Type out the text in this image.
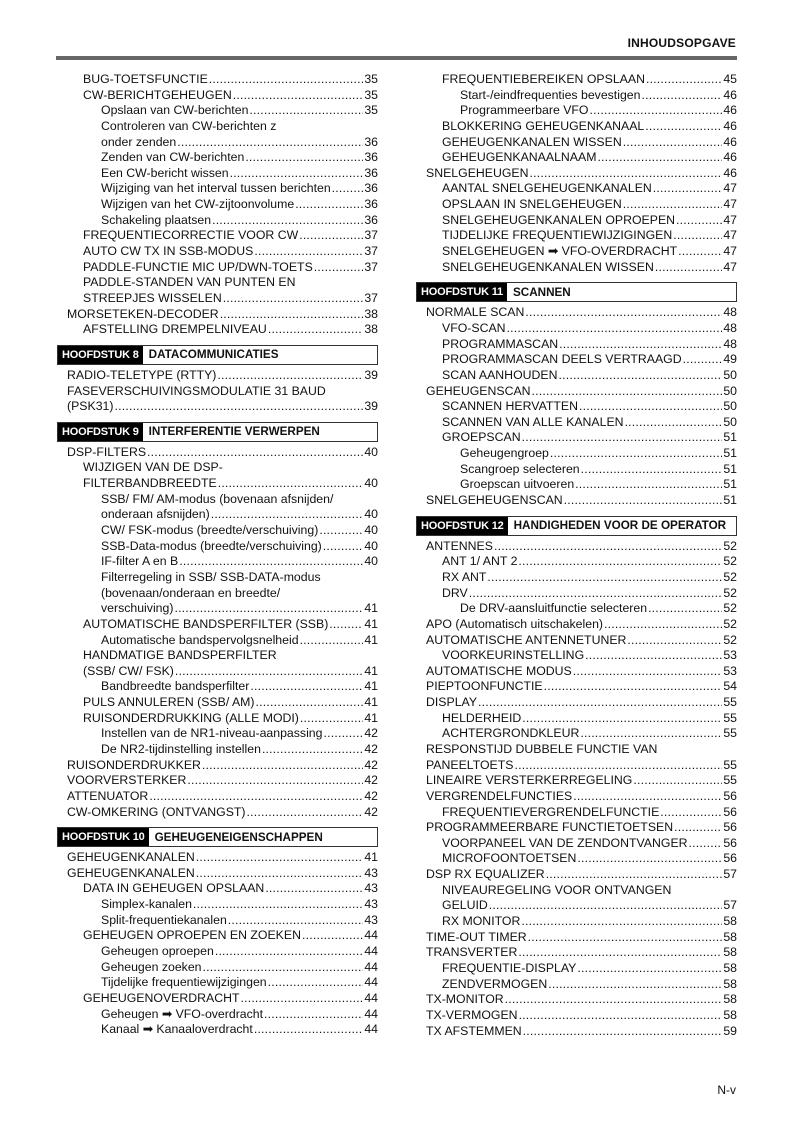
INHOUDSOPGAVE
BUG-TOETSFUNCTIE .....	35
CW-BERICHTGEHEUGEN .....	35
Opslaan van CW-berichten .....	35
Controleren van CW-berichten z
onder zenden .....	36
Zenden van CW-berichten .....	36
Een CW-bericht wissen .....	36
Wijziging van het interval tussen berichten .....	36
Wijzigen van het CW-zijtoonvolume .....	36
Schakeling plaatsen .....	36
FREQUENTIECORRECTIE VOOR CW .....	37
AUTO CW TX IN SSB-MODUS .....	37
PADDLE-FUNCTIE MIC UP/DWN-TOETS .....	37
PADDLE-STANDEN VAN PUNTEN EN
STREEPJES WISSELEN .....	37
MORSETEKEN-DECODER .....	38
AFSTELLING DREMPELNIVEAU .....	38
HOOFDSTUK 8 DATACOMMUNICATIES
RADIO-TELETYPE (RTTY) .....	39
FASEVERSCHUIVINGSMODULATIE 31 BAUD
(PSK31) .....	39
HOOFDSTUK 9 INTERFERENTIE VERWERPEN
DSP-FILTERS .....	40
WIJZIGEN VAN DE DSP-
FILTERBANDBREEDTE .....	40
SSB/ FM/ AM-modus (bovenaan afsnijden/
onderaan afsnijden) .....	40
CW/ FSK-modus (breedte/verschuiving) .....	40
SSB-Data-modus (breedte/verschuiving) .....	40
IF-filter A en B .....	40
Filterregeling in SSB/ SSB-DATA-modus
(bovenaan/onderaan en breedte/
verschuiving) .....	41
AUTOMATISCHE BANDSPERFILTER (SSB) .....	41
Automatische bandspervolgsnelheid .....	41
HANDMATIGE BANDSPERFILTER
(SSB/ CW/ FSK) .....	41
Bandbreedte bandsperfilter .....	41
PULS ANNULEREN (SSB/ AM) .....	41
RUISONDERDRUKKING (ALLE MODI) .....	41
Instellen van de NR1-niveau-aanpassing .....	42
De NR2-tijdinstelling instellen .....	42
RUISONDERDRUKKER .....	42
VOORVERSTERKER .....	42
ATTENUATOR .....	42
CW-OMKERING (ONTVANGST) .....	42
HOOFDSTUK 10 GEHEUGENEIGENSCHAPPEN
GEHEUGENKANALEN .....	41
GEHEUGENKANALEN .....	43
DATA IN GEHEUGEN OPSLAAN .....	43
Simplex-kanalen .....	43
Split-frequentiekanalen .....	43
GEHEUGEN OPROEPEN EN ZOEKEN .....	44
Geheugen oproepen .....	44
Geheugen zoeken .....	44
Tijdelijke frequentiewijzigingen .....	44
GEHEUGENOVERDRACHT .....	44
Geheugen ➡ VFO-overdracht .....	44
Kanaal ➡ Kanaaloverdracht .....	44
FREQUENTIEBEREIKEN OPSLAAN .....	45
Start-/eindfrequenties bevestigen .....	46
Programmeerbare VFO .....	46
BLOKKERING GEHEUGENKANAAL .....	46
GEHEUGENKANALEN WISSEN .....	46
GEHEUGENKANAALNAAM .....	46
SNELGEHEUGEN .....	46
AANTAL SNELGEHEUGENKANALEN .....	47
OPSLAAN IN SNELGEHEUGEN .....	47
SNELGEHEUGENKANALEN OPROEPEN .....	47
TIJDELIJKE FREQUENTIEWIJZIGINGEN .....	47
SNELGEHEUGEN ➡ VFO-OVERDRACHT .....	47
SNELGEHEUGENKANALEN WISSEN .....	47
HOOFDSTUK 11 SCANNEN
NORMALE SCAN .....	48
VFO-SCAN .....	48
PROGRAMMASCAN .....	48
PROGRAMMASCAN DEELS VERTRAAGD .....	49
SCAN AANHOUDEN .....	50
GEHEUGENSCAN .....	50
SCANNEN HERVATTEN .....	50
SCANNEN VAN ALLE KANALEN .....	50
GROEPSCAN .....	51
Geheugengroep .....	51
Scangroep selecteren .....	51
Groepscan uitvoeren .....	51
SNELGEHEUGENSCAN .....	51
HOOFDSTUK 12 HANDIGHEDEN VOOR DE OPERATOR
ANTENNES .....	52
ANT 1/ ANT 2 .....	52
RX ANT .....	52
DRV .....	52
De DRV-aansluitfunctie selecteren .....	52
APO (Automatisch uitschakelen) .....	52
AUTOMATISCHE ANTENNETUNER .....	52
VOORKEURINSTELLING .....	53
AUTOMATISCHE MODUS .....	53
PIEPTOONFUNCTIE .....	54
DISPLAY .....	55
HELDERHEID .....	55
ACHTERGRONDKLEUR .....	55
RESPONSTIJD DUBBELE FUNCTIE VAN
PANEELTOETS .....	55
LINEAIRE VERSTERKERREGELING .....	55
VERGRENDELFUNCTIES .....	56
FREQUENTIEVERGRENDELFUNCTIE .....	56
PROGRAMMEERBARE FUNCTIETOETSEN .....	56
VOORPANEEL VAN DE ZENDONTVANGER .....	56
MICROFOONTOETSEN .....	56
DSP RX EQUALIZER .....	57
NIVEAUREGELING VOOR ONTVANGEN
GELUID .....	57
RX MONITOR .....	58
TIME-OUT TIMER .....	58
TRANSVERTER .....	58
FREQUENTIE-DISPLAY .....	58
ZENDVERMOGEN .....	58
TX-MONITOR .....	58
TX-VERMOGEN .....	58
TX AFSTEMMEN .....	59
N-v
